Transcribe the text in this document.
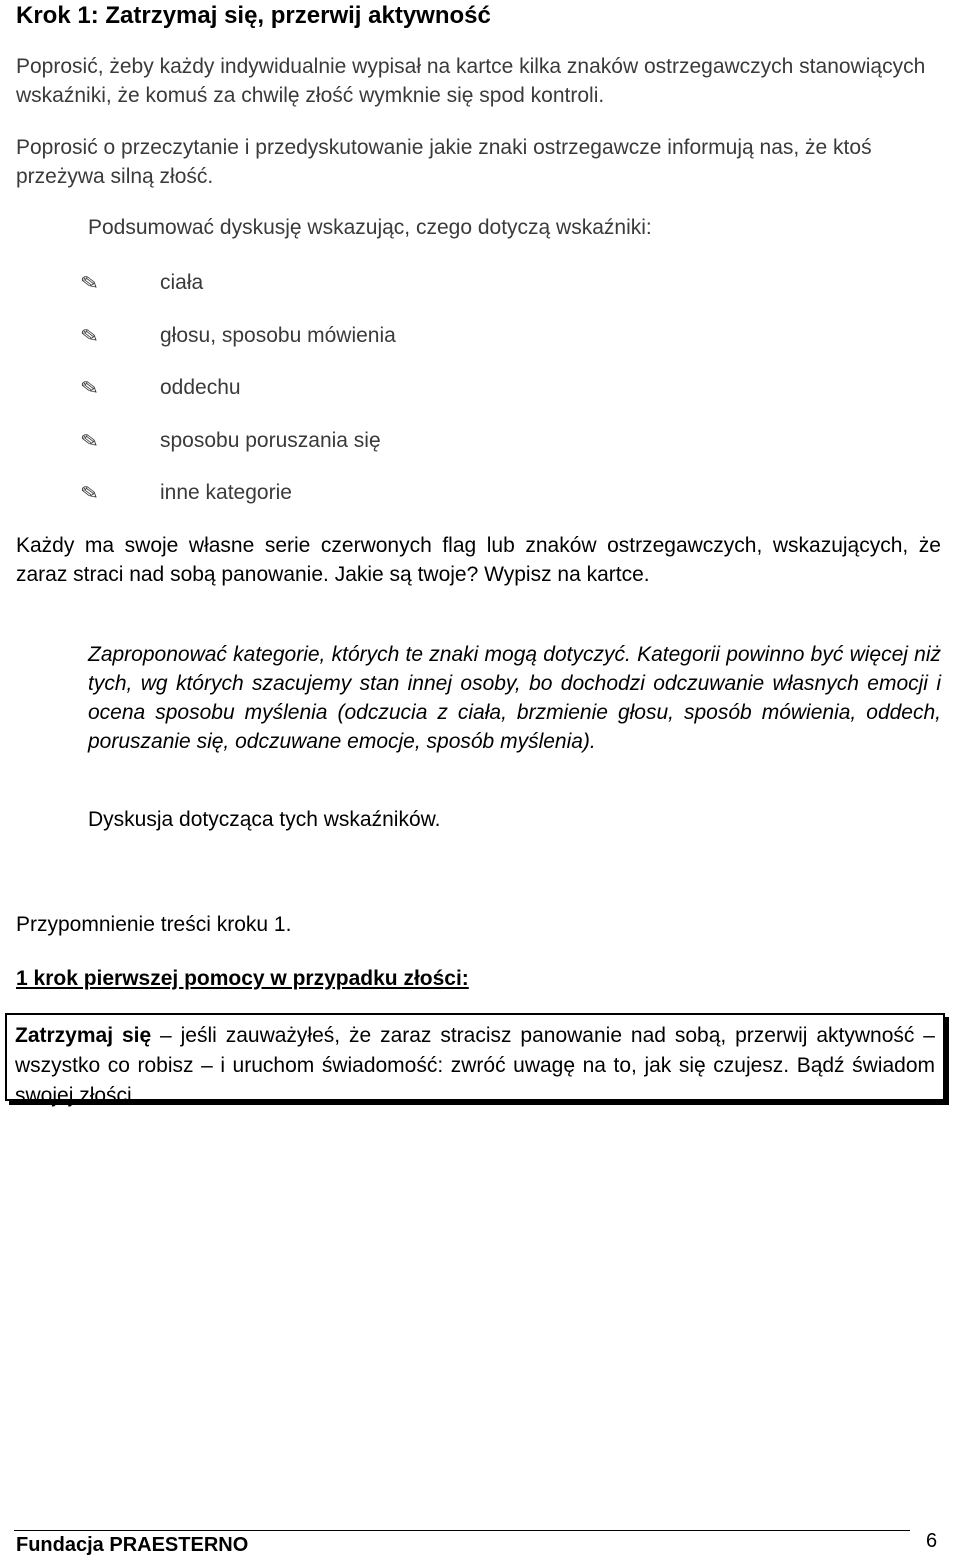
Krok 1: Zatrzymaj się, przerwij aktywność

Poprosić, żeby każdy indywidualnie wypisał na kartce kilka znaków ostrzegawczych stanowiących wskaźniki, że komuś za chwilę złość wymknie się spod kontroli.

Poprosić o przeczytanie i przedyskutowanie jakie znaki ostrzegawcze informują nas, że ktoś przeżywa silną złość.

Podsumować dyskusję wskazując, czego dotyczą wskaźniki:

✎	ciała
✎	głosu, sposobu mówienia
✎	oddechu
✎	sposobu poruszania się
✎	inne kategorie

Każdy ma swoje własne serie czerwonych flag lub znaków ostrzegawczych, wskazujących, że zaraz straci nad sobą panowanie. Jakie są twoje? Wypisz na kartce.

Zaproponować kategorie, których te znaki mogą dotyczyć. Kategorii powinno być więcej niż tych, wg których szacujemy stan innej osoby, bo dochodzi odczuwanie własnych emocji i ocena sposobu myślenia (odczucia z ciała, brzmienie głosu, sposób mówienia, oddech, poruszanie się, odczuwane emocje, sposób myślenia).

Dyskusja dotycząca tych wskaźników.

Przypomnienie treści kroku 1.

1 krok pierwszej pomocy w przypadku złości:

Zatrzymaj się – jeśli zauważyłeś, że zaraz stracisz panowanie nad sobą, przerwij aktywność – wszystko co robisz – i uruchom świadomość: zwróć uwagę na to, jak się czujesz. Bądź świadom swojej złości
Fundacja PRAESTERNO	6
